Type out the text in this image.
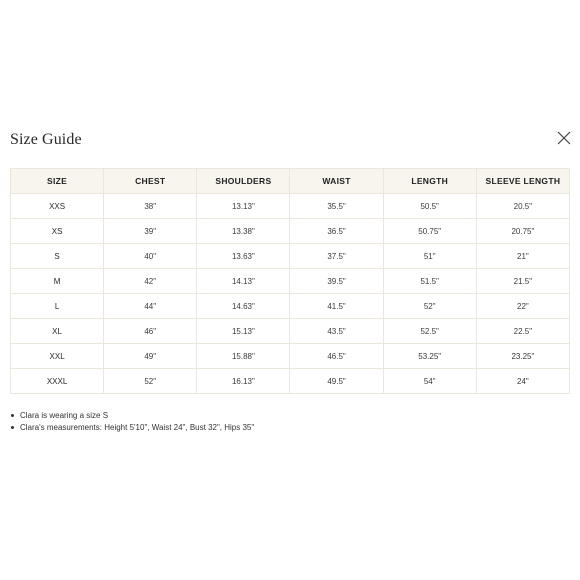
Size Guide
SIZE	CHEST	SHOULDERS	WAIST	LENGTH	SLEEVE LENGTH
XXS	38"	13.13"	35.5"	50.5"	20.5"
XS	39"	13.38"	36.5"	50.75"	20.75"
S	40"	13.63"	37.5"	51"	21"
M	42"	14.13"	39.5"	51.5"	21.5"
L	44"	14.63"	41.5"	52"	22"
XL	46"	15.13"	43.5"	52.5"	22.5"
XXL	49"	15.88"	46.5"	53.25"	23.25"
XXXL	52"	16.13"	49.5"	54"	24"
Clara is wearing a size S
Clara's measurements: Height 5'10", Waist 24", Bust 32", Hips 35"
